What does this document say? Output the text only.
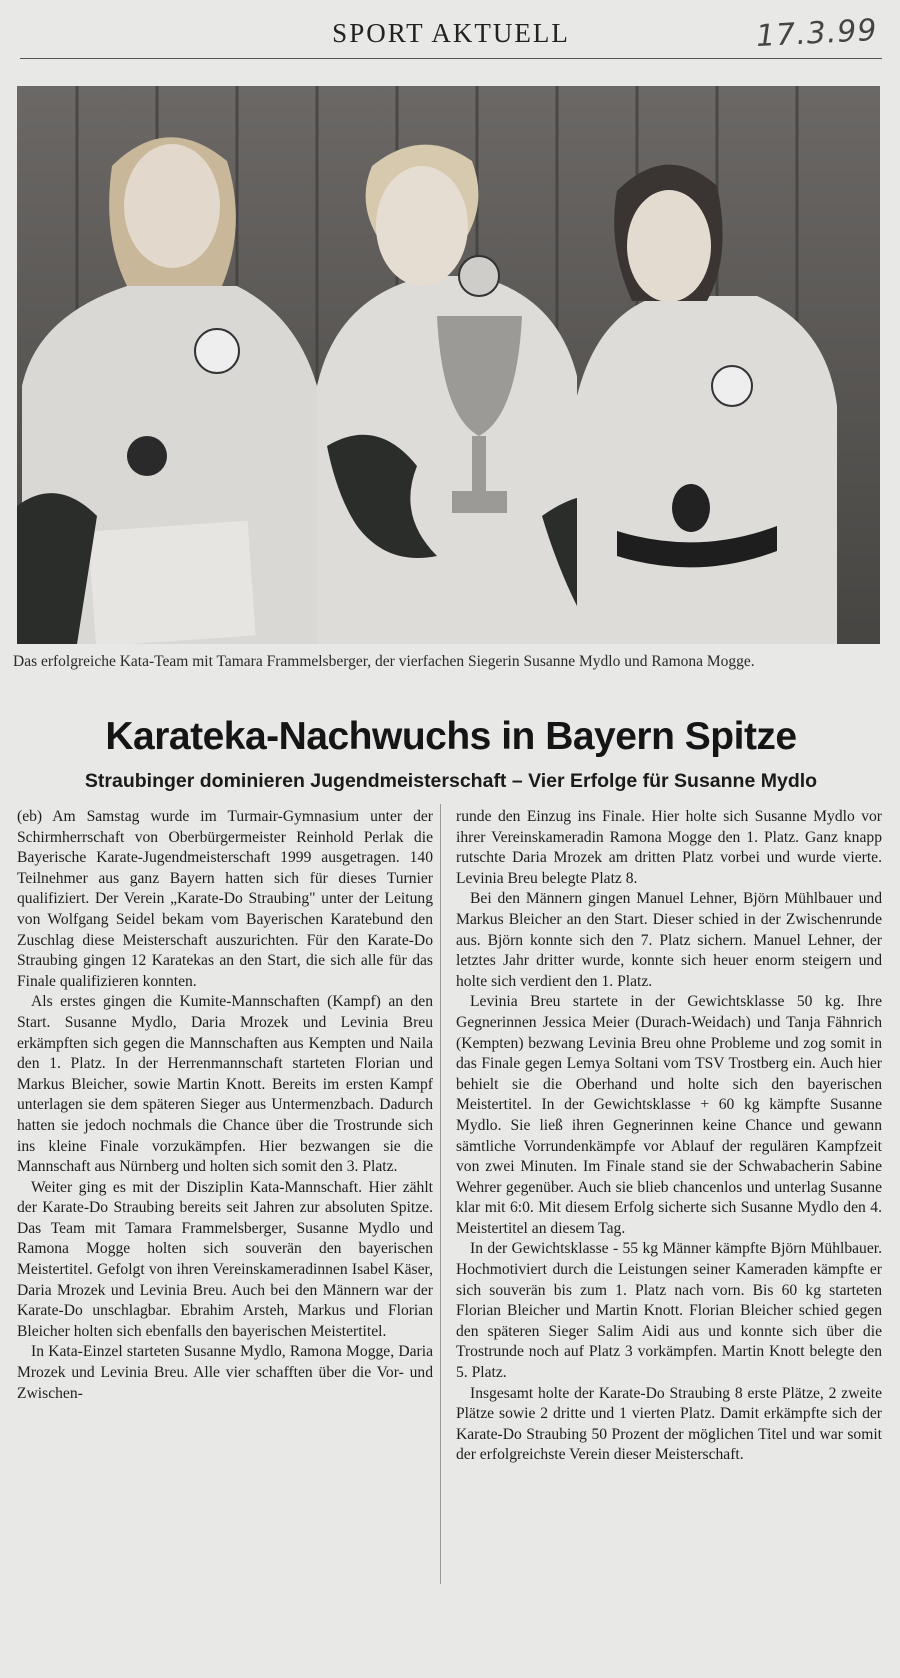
SPORT AKTUELL	17.3.99
Das erfolgreiche Kata-Team mit Tamara Frammelsberger, der vierfachen Siegerin Susanne Mydlo und Ramona Mogge.
Karateka-Nachwuchs in Bayern Spitze
Straubinger dominieren Jugendmeisterschaft – Vier Erfolge für Susanne Mydlo

(eb) Am Samstag wurde im Turmair-Gymnasium unter der Schirmherrschaft von Oberbürgermeister Reinhold Perlak die Bayerische Karate-Jugendmeisterschaft 1999 ausgetragen. 140 Teilnehmer aus ganz Bayern hatten sich für dieses Turnier qualifiziert. Der Verein „Karate-Do Straubing" unter der Leitung von Wolfgang Seidel bekam vom Bayerischen Karatebund den Zuschlag diese Meisterschaft auszurichten. Für den Karate-Do Straubing gingen 12 Karatekas an den Start, die sich alle für das Finale qualifizieren konnten.

Als erstes gingen die Kumite-Mannschaften (Kampf) an den Start. Susanne Mydlo, Daria Mrozek und Levinia Breu erkämpften sich gegen die Mannschaften aus Kempten und Naila den 1. Platz. In der Herrenmannschaft starteten Florian und Markus Bleicher, sowie Martin Knott. Bereits im ersten Kampf unterlagen sie dem späteren Sieger aus Untermenzbach. Dadurch hatten sie jedoch nochmals die Chance über die Trostrunde sich ins kleine Finale vorzukämpfen. Hier bezwangen sie die Mannschaft aus Nürnberg und holten sich somit den 3. Platz.

Weiter ging es mit der Disziplin Kata-Mannschaft. Hier zählt der Karate-Do Straubing bereits seit Jahren zur absoluten Spitze. Das Team mit Tamara Frammelsberger, Susanne Mydlo und Ramona Mogge holten sich souverän den bayerischen Meistertitel. Gefolgt von ihren Vereinskameradinnen Isabel Käser, Daria Mrozek und Levinia Breu. Auch bei den Männern war der Karate-Do unschlagbar. Ebrahim Arsteh, Markus und Florian Bleicher holten sich ebenfalls den bayerischen Meistertitel.

In Kata-Einzel starteten Susanne Mydlo, Ramona Mogge, Daria Mrozek und Levinia Breu. Alle vier schafften über die Vor- und Zwischen-

runde den Einzug ins Finale. Hier holte sich Susanne Mydlo vor ihrer Vereinskameradin Ramona Mogge den 1. Platz. Ganz knapp rutschte Daria Mrozek am dritten Platz vorbei und wurde vierte. Levinia Breu belegte Platz 8.

Bei den Männern gingen Manuel Lehner, Björn Mühlbauer und Markus Bleicher an den Start. Dieser schied in der Zwischenrunde aus. Björn konnte sich den 7. Platz sichern. Manuel Lehner, der letztes Jahr dritter wurde, konnte sich heuer enorm steigern und holte sich verdient den 1. Platz.

Levinia Breu startete in der Gewichtsklasse 50 kg. Ihre Gegnerinnen Jessica Meier (Durach-Weidach) und Tanja Fähnrich (Kempten) bezwang Levinia Breu ohne Probleme und zog somit in das Finale gegen Lemya Soltani vom TSV Trostberg ein. Auch hier behielt sie die Oberhand und holte sich den bayerischen Meistertitel. In der Gewichtsklasse + 60 kg kämpfte Susanne Mydlo. Sie ließ ihren Gegnerinnen keine Chance und gewann sämtliche Vorrundenkämpfe vor Ablauf der regulären Kampfzeit von zwei Minuten. Im Finale stand sie der Schwabacherin Sabine Wehrer gegenüber. Auch sie blieb chancenlos und unterlag Susanne klar mit 6:0. Mit diesem Erfolg sicherte sich Susanne Mydlo den 4. Meistertitel an diesem Tag.

In der Gewichtsklasse - 55 kg Männer kämpfte Björn Mühlbauer. Hochmotiviert durch die Leistungen seiner Kameraden kämpfte er sich souverän bis zum 1. Platz nach vorn. Bis 60 kg starteten Florian Bleicher und Martin Knott. Florian Bleicher schied gegen den späteren Sieger Salim Aidi aus und konnte sich über die Trostrunde noch auf Platz 3 vorkämpfen. Martin Knott belegte den 5. Platz.

Insgesamt holte der Karate-Do Straubing 8 erste Plätze, 2 zweite Plätze sowie 2 dritte und 1 vierten Platz. Damit erkämpfte sich der Karate-Do Straubing 50 Prozent der möglichen Titel und war somit der erfolgreichste Verein dieser Meisterschaft.
